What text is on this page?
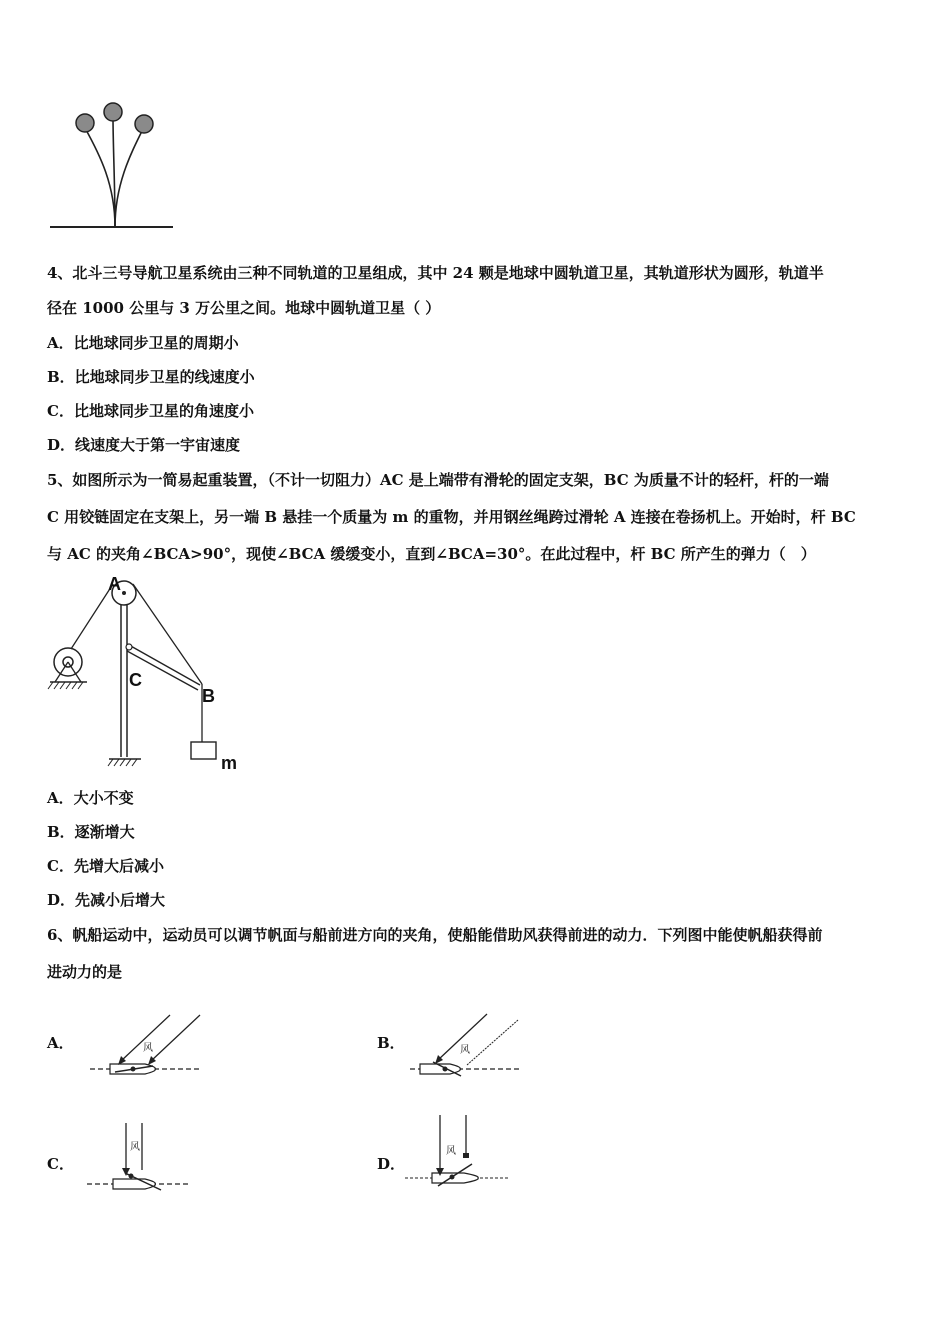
4、北斗三号导航卫星系统由三种不同轨道的卫星组成，其中 24 颗是地球中圆轨道卫星，其轨道形状为圆形，轨道半
径在 1000 公里与 3 万公里之间。地球中圆轨道卫星（ ）
A．比地球同步卫星的周期小
B．比地球同步卫星的线速度小
C．比地球同步卫星的角速度小
D．线速度大于第一宇宙速度
5、如图所示为一简易起重装置，（不计一切阻力）AC 是上端带有滑轮的固定支架，BC 为质量不计的轻杆，杆的一端
C 用铰链固定在支架上，另一端 B 悬挂一个质量为 m 的重物，并用钢丝绳跨过滑轮 A 连接在卷扬机上。开始时，杆 BC
与 AC 的夹角∠BCA>90°，现使∠BCA 缓缓变小，直到∠BCA=30°。在此过程中，杆 BC 所产生的弹力（　）
A
C
B
m
A．大小不变
B．逐渐增大
C．先增大后减小
D．先减小后增大
6、帆船运动中，运动员可以调节帆面与船前进方向的夹角，使船能借助风获得前进的动力．下列图中能使帆船获得前
进动力的是
A．	风	B．	风
C．
风
D．
风
